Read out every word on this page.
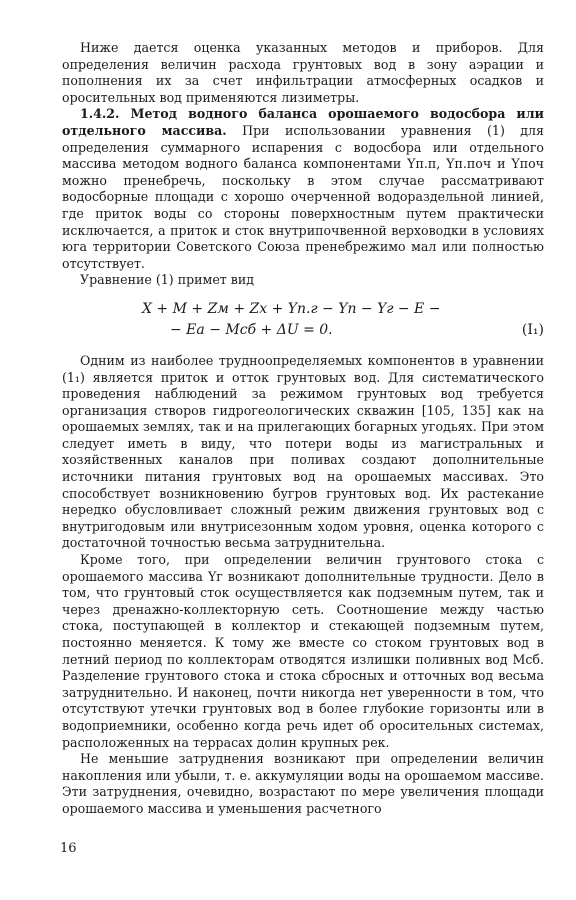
Ниже дается оценка указанных методов и приборов. Для определения величин расхода грунтовых вод в зону аэрации и пополнения их за счет инфильтрации атмосферных осадков и оросительных вод применяются лизиметры.

1.4.2. Метод водного баланса орошаемого водосбора или отдельного массива. При использовании уравнения (1) для определения суммарного испарения с водосбора или отдельного массива методом водного баланса компонентами Yп.п, Yп.поч и Yпоч можно пренебречь, поскольку в этом случае рассматривают водосборные площади с хорошо очерченной водораздельной линией, где приток воды со стороны поверхностным путем практически исключается, а приток и сток внутрипочвенной верховодки в условиях юга территории Советского Союза пренебрежимо мал или полностью отсутствует.

Уравнение (1) примет вид

X + M + Zм + Zх + Yп.г − Yп − Yг − E −
− Eа − Mсб + ΔU = 0.	(I₁)

Одним из наиболее трудноопределяемых компонентов в уравнении (1₁) является приток и отток грунтовых вод. Для систематического проведения наблюдений за режимом грунтовых вод требуется организация створов гидрогеологических скважин [105, 135] как на орошаемых землях, так и на прилегающих богарных угодьях. При этом следует иметь в виду, что потери воды из магистральных и хозяйственных каналов при поливах создают дополнительные источники питания грунтовых вод на орошаемых массивах. Это способствует возникновению бугров грунтовых вод. Их растекание нередко обусловливает сложный режим движения грунтовых вод с внутригодовым или внутрисезонным ходом уровня, оценка которого с достаточной точностью весьма затруднительна.

Кроме того, при определении величин грунтового стока с орошаемого массива Yг возникают дополнительные трудности. Дело в том, что грунтовый сток осуществляется как подземным путем, так и через дренажно-коллекторную сеть. Соотношение между частью стока, поступающей в коллектор и стекающей подземным путем, постоянно меняется. К тому же вместе со стоком грунтовых вод в летний период по коллекторам отводятся излишки поливных вод Mсб. Разделение грунтового стока и стока сбросных и отточных вод весьма затруднительно. И наконец, почти никогда нет уверенности в том, что отсутствуют утечки грунтовых вод в более глубокие горизонты или в водоприемники, особенно когда речь идет об оросительных системах, расположенных на террасах долин крупных рек.

Не меньшие затруднения возникают при определении величин накопления или убыли, т. е. аккумуляции воды на орошаемом массиве. Эти затруднения, очевидно, возрастают по мере увеличения площади орошаемого массива и уменьшения расчетного

16
